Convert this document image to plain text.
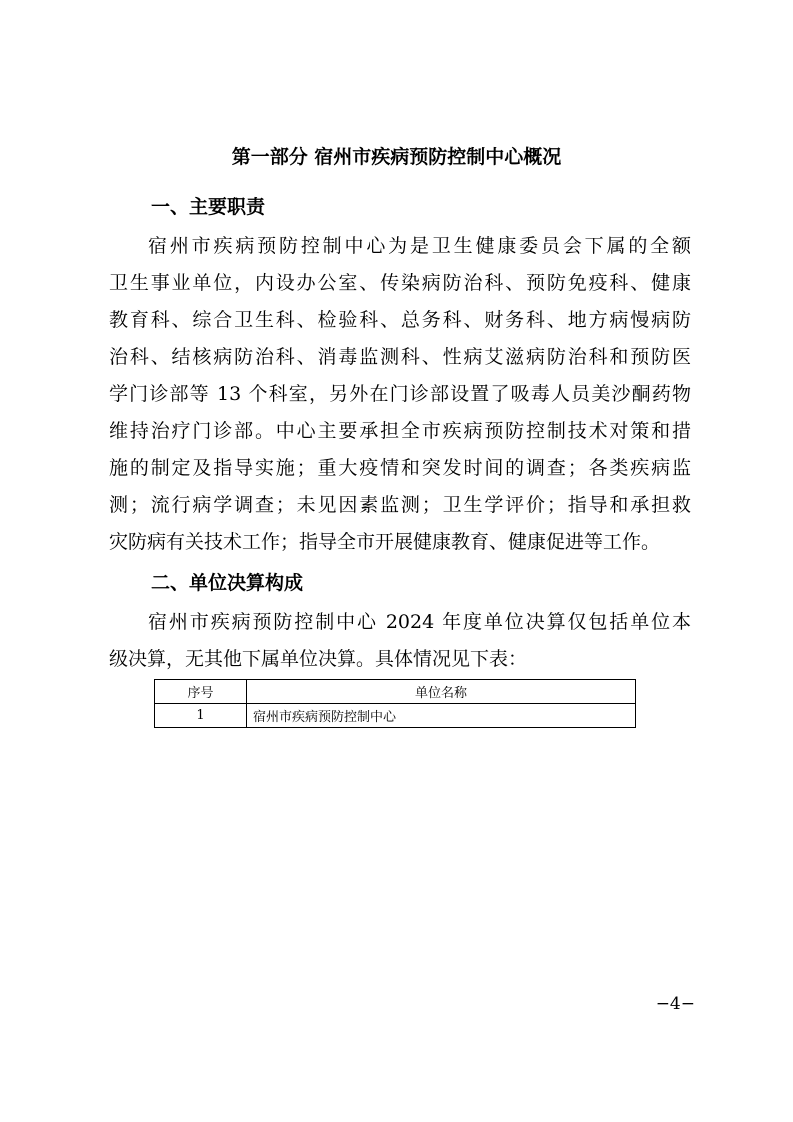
第一部分 宿州市疾病预防控制中心概况
一、主要职责
宿州市疾病预防控制中心为是卫生健康委员会下属的全额
卫生事业单位，内设办公室、传染病防治科、预防免疫科、健康
教育科、综合卫生科、检验科、总务科、财务科、地方病慢病防
治科、结核病防治科、消毒监测科、性病艾滋病防治科和预防医
学门诊部等 13 个科室，另外在门诊部设置了吸毒人员美沙酮药物
维持治疗门诊部。中心主要承担全市疾病预防控制技术对策和措
施的制定及指导实施；重大疫情和突发时间的调查；各类疾病监
测；流行病学调查；未见因素监测；卫生学评价；指导和承担救
灾防病有关技术工作；指导全市开展健康教育、健康促进等工作。
二、单位决算构成
宿州市疾病预防控制中心 2024 年度单位决算仅包括单位本
级决算，无其他下属单位决算。具体情况见下表：
序号	单位名称
1	宿州市疾病预防控制中心
−4−
